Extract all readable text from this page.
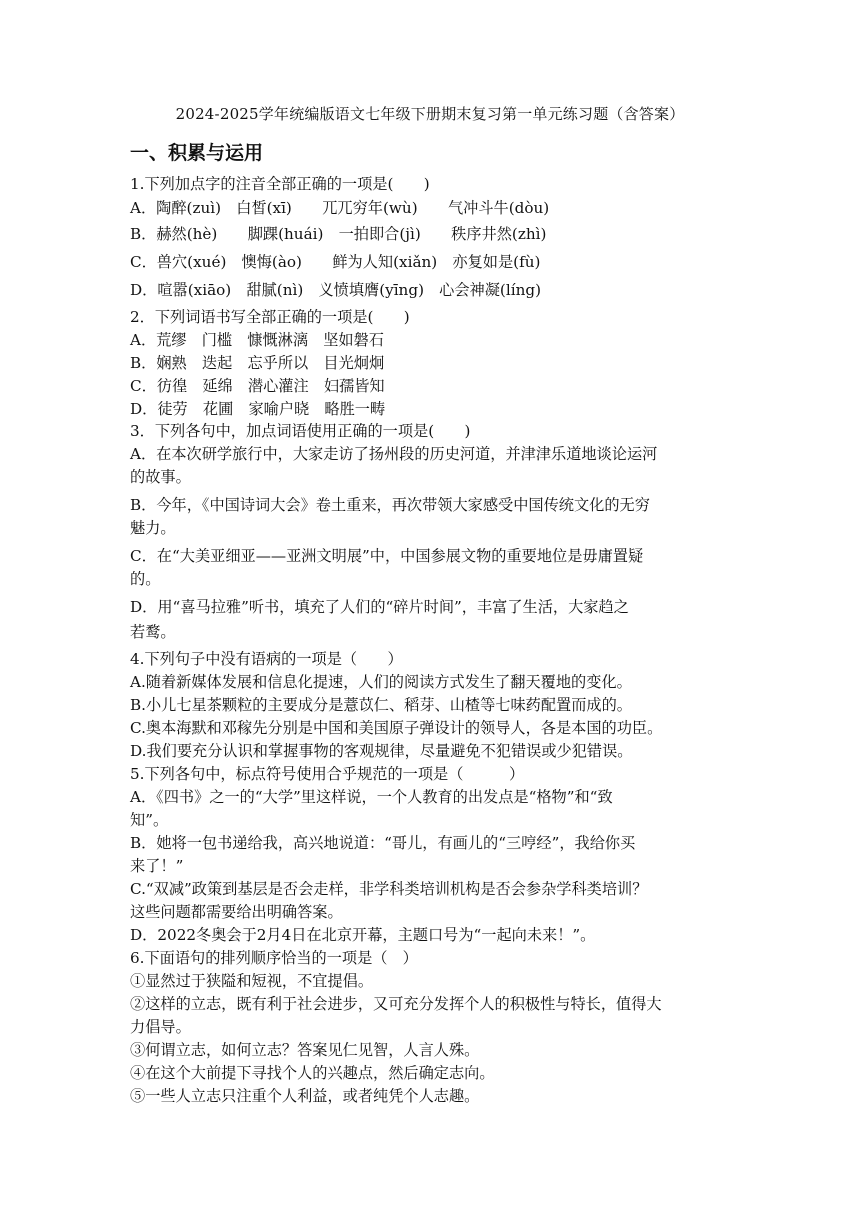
2024-2025学年统编版语文七年级下册期末复习第一单元练习题（含答案）
一、积累与运用
1.下列加点字的注音全部正确的一项是(　　)
A．陶醉(zuì)　白皙(xī)　　兀兀穷年(wù)　　气冲斗牛(dòu)
B．赫然(hè)　　脚踝(huái)　一拍即合(jì)　　秩序井然(zhì)
C．兽穴(xué)　懊悔(ào)　　鲜为人知(xiǎn)　亦复如是(fù)
D．喧嚣(xiāo)　甜腻(nì)　义愤填膺(yīng)　心会神凝(líng)
2．下列词语书写全部正确的一项是(　　)
A．荒缪　门槛　慷慨淋漓　坚如磐石
B．娴熟　迭起　忘乎所以　目光炯炯
C．彷徨　延绵　潜心灌注　妇孺皆知
D．徒劳　花圃　家喻户晓　略胜一畴
3．下列各句中，加点词语使用正确的一项是(　　)
A．在本次研学旅行中，大家走访了扬州段的历史河道，并津津乐道地谈论运河
的故事。
B．今年，《中国诗词大会》卷土重来，再次带领大家感受中国传统文化的无穷
魅力。
C．在“大美亚细亚——亚洲文明展”中，中国参展文物的重要地位是毋庸置疑
的。
D．用“喜马拉雅”听书，填充了人们的“碎片时间”，丰富了生活，大家趋之
若鹜。
4.下列句子中没有语病的一项是（　　）
A.随着新媒体发展和信息化提速，人们的阅读方式发生了翻天覆地的变化。
B.小儿七星茶颗粒的主要成分是薏苡仁、稻芽、山楂等七味药配置而成的。
C.奥本海默和邓稼先分别是中国和美国原子弹设计的领导人，各是本国的功臣。
D.我们要充分认识和掌握事物的客观规律，尽量避免不犯错误或少犯错误。
5.下列各句中，标点符号使用合乎规范的一项是（　　　）
A．《四书》之一的“大学”里这样说，一个人教育的出发点是“格物”和“致
知”。
B．她将一包书递给我，高兴地说道：“哥儿，有画儿的“三哼经”，我给你买
来了！”
C.“双减”政策到基层是否会走样，非学科类培训机构是否会参杂学科类培训？
这些问题都需要给出明确答案。
D．2022冬奥会于2月4日在北京开幕，主题口号为“一起向未来！”。
6.下面语句的排列顺序恰当的一项是（　）
①显然过于狭隘和短视，不宜提倡。
②这样的立志，既有利于社会进步，又可充分发挥个人的积极性与特长，值得大
力倡导。
③何谓立志，如何立志？答案见仁见智，人言人殊。
④在这个大前提下寻找个人的兴趣点，然后确定志向。
⑤一些人立志只注重个人利益，或者纯凭个人志趣。
